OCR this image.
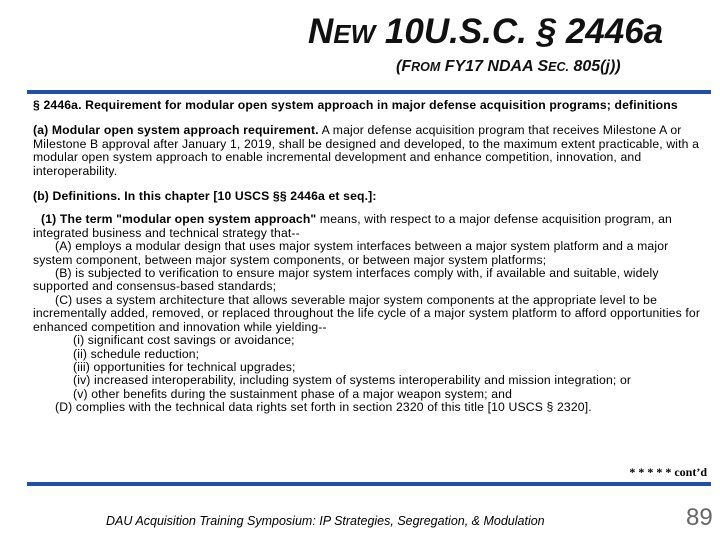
NEW 10U.S.C. § 2446a

(FROM FY17 NDAA SEC. 805(j))

§ 2446a. Requirement for modular open system approach in major defense acquisition programs; definitions

(a) Modular open system approach requirement. A major defense acquisition program that receives Milestone A or Milestone B approval after January 1, 2019, shall be designed and developed, to the maximum extent practicable, with a modular open system approach to enable incremental development and enhance competition, innovation, and interoperability.

(b) Definitions. In this chapter [10 USCS §§ 2446a et seq.]:

(1) The term "modular open system approach" means, with respect to a major defense acquisition program, an integrated business and technical strategy that--

(A) employs a modular design that uses major system interfaces between a major system platform and a major system component, between major system components, or between major system platforms;

(B) is subjected to verification to ensure major system interfaces comply with, if available and suitable, widely supported and consensus-based standards;

(C) uses a system architecture that allows severable major system components at the appropriate level to be incrementally added, removed, or replaced throughout the life cycle of a major system platform to afford opportunities for enhanced competition and innovation while yielding--

(i) significant cost savings or avoidance;

(ii) schedule reduction;

(iii) opportunities for technical upgrades;

(iv) increased interoperability, including system of systems interoperability and mission integration; or

(v) other benefits during the sustainment phase of a major weapon system; and

(D) complies with the technical data rights set forth in section 2320 of this title [10 USCS § 2320].

* * * * * cont’d

DAU Acquisition Training Symposium: IP Strategies, Segregation, & Modulation	89
